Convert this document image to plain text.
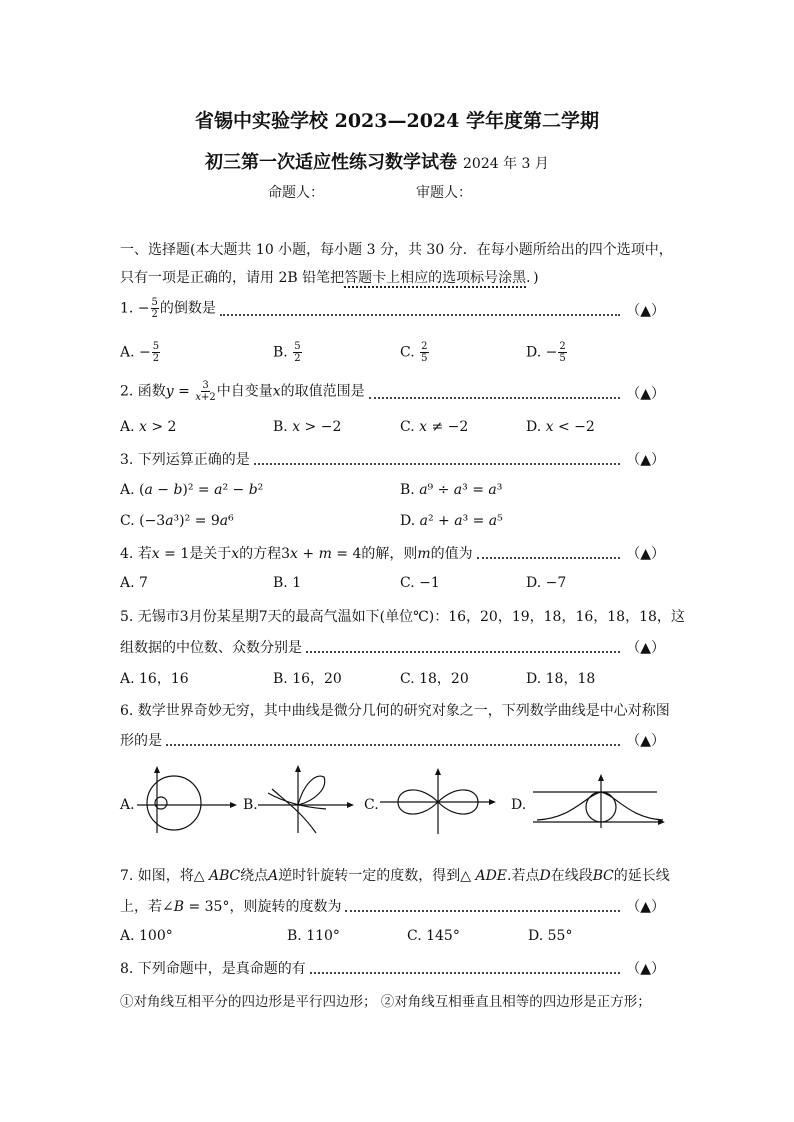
省锡中实验学校 2023—2024 学年度第二学期
初三第一次适应性练习数学试卷 2024 年 3 月
命题人：	审题人：
一、选择题(本大题共 10 小题，每小题 3 分，共 30 分．在每小题所给出的四个选项中，只有一项是正确的，请用 2B 铅笔把答题卡上相应的选项标号涂黑．)
1. − $\frac{5}{2}$ 的倒数是	（▲）
A. − $\frac{5}{2}$	B. $\frac{5}{2}$	C. $\frac{2}{5}$	D. − $\frac{2}{5}$
2. 函数𝑦 = $\frac{3}{\text{𝑥+2}}$ 中自变量𝑥的取值范围是	（▲）
A. 𝑥 > 2	B. 𝑥 > −2	C. 𝑥 ≠ −2	D. 𝑥 < −2
3. 下列运算正确的是	（▲）
A. (𝑎 − 𝑏)² = 𝑎² − 𝑏²	B. 𝑎⁹ ÷ 𝑎³ = 𝑎³
C. (−3𝑎³)² = 9𝑎⁶	D. 𝑎² + 𝑎³ = 𝑎⁵
4. 若𝑥 = 1是关于𝑥的方程3𝑥 + 𝑚 = 4的解，则𝑚的值为	（▲）
A. 7	B. 1	C. −1	D. −7
5. 无锡市3月份某星期7天的最高气温如下(单位℃)：16，20，19，18，16，18，18，这
组数据的中位数、众数分别是	（▲）
A. 16，16	B. 16，20	C. 18，20	D. 18，18
6. 数学世界奇妙无穷，其中曲线是微分几何的研究对象之一，下列数学曲线是中心对称图
形的是	（▲）
A.	B.	C.	D.
7. 如图，将△ 𝐴𝐵𝐶绕点𝐴逆时针旋转一定的度数，得到△ 𝐴𝐷𝐸.若点𝐷在线段𝐵𝐶的延长线
上，若∠𝐵 = 35°，则旋转的度数为	（▲）
A. 100°	B. 110°	C. 145°	D. 55°
8. 下列命题中，是真命题的有	（▲）
①对角线互相平分的四边形是平行四边形； ②对角线互相垂直且相等的四边形是正方形；
